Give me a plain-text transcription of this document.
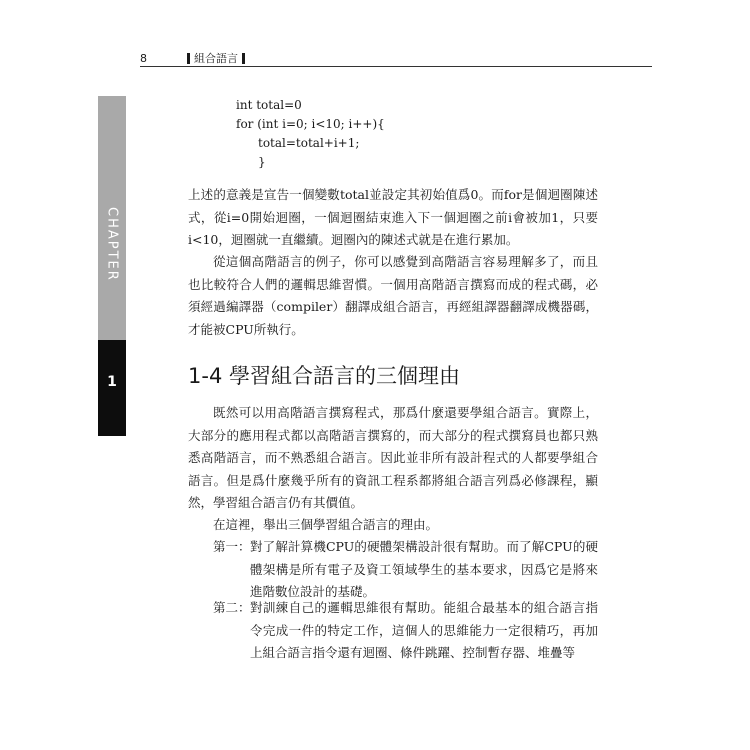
8	組合語言
CHAPTER
1
int total=0
for (int i=0; i<10; i++){
total=total+i+1;
}

上述的意義是宣告一個變數total並設定其初始值爲0。而for是個迴圈陳述式，從i=0開始迴圈，一個迴圈結束進入下一個迴圈之前i會被加1，只要i<10，迴圈就一直繼續。迴圈內的陳述式就是在進行累加。

從這個高階語言的例子，你可以感覺到高階語言容易理解多了，而且也比較符合人們的邏輯思維習慣。一個用高階語言撰寫而成的程式碼，必須經過編譯器（compiler）翻譯成組合語言，再經組譯器翻譯成機器碼，才能被CPU所執行。

1-4 學習組合語言的三個理由

既然可以用高階語言撰寫程式，那爲什麼還要學組合語言。實際上，大部分的應用程式都以高階語言撰寫的，而大部分的程式撰寫員也都只熟悉高階語言，而不熟悉組合語言。因此並非所有設計程式的人都要學組合語言。但是爲什麼幾乎所有的資訊工程系都將組合語言列爲必修課程，顯然，學習組合語言仍有其價值。

在這裡，舉出三個學習組合語言的理由。

第一： 對了解計算機CPU的硬體架構設計很有幫助。而了解CPU的硬體架構是所有電子及資工領域學生的基本要求，因爲它是將來進階數位設計的基礎。
第二： 對訓練自己的邏輯思維很有幫助。能組合最基本的組合語言指令完成一件的特定工作，這個人的思維能力一定很精巧，再加上組合語言指令還有迴圈、條件跳躍、控制暫存器、堆疊等
